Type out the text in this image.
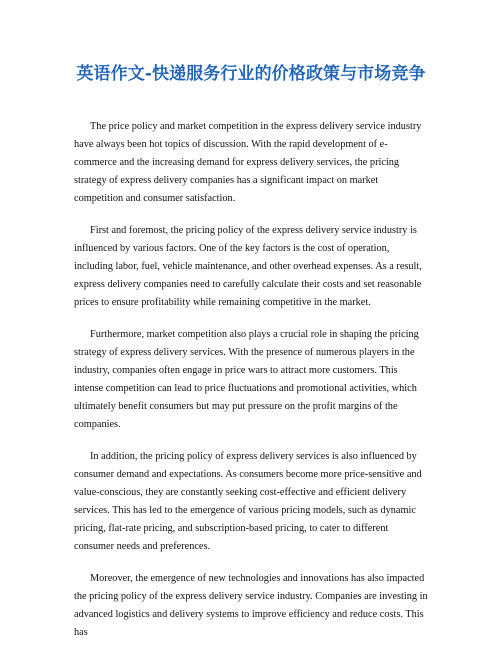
英语作文-快递服务行业的价格政策与市场竞争

The price policy and market competition in the express delivery service industry have always been hot topics of discussion. With the rapid development of e-commerce and the increasing demand for express delivery services, the pricing strategy of express delivery companies has a significant impact on market competition and consumer satisfaction.

First and foremost, the pricing policy of the express delivery service industry is influenced by various factors. One of the key factors is the cost of operation, including labor, fuel, vehicle maintenance, and other overhead expenses. As a result, express delivery companies need to carefully calculate their costs and set reasonable prices to ensure profitability while remaining competitive in the market.

Furthermore, market competition also plays a crucial role in shaping the pricing strategy of express delivery services. With the presence of numerous players in the industry, companies often engage in price wars to attract more customers. This intense competition can lead to price fluctuations and promotional activities, which ultimately benefit consumers but may put pressure on the profit margins of the companies.

In addition, the pricing policy of express delivery services is also influenced by consumer demand and expectations. As consumers become more price-sensitive and value-conscious, they are constantly seeking cost-effective and efficient delivery services. This has led to the emergence of various pricing models, such as dynamic pricing, flat-rate pricing, and subscription-based pricing, to cater to different consumer needs and preferences.

Moreover, the emergence of new technologies and innovations has also impacted the pricing policy of the express delivery service industry. Companies are investing in advanced logistics and delivery systems to improve efficiency and reduce costs. This has
